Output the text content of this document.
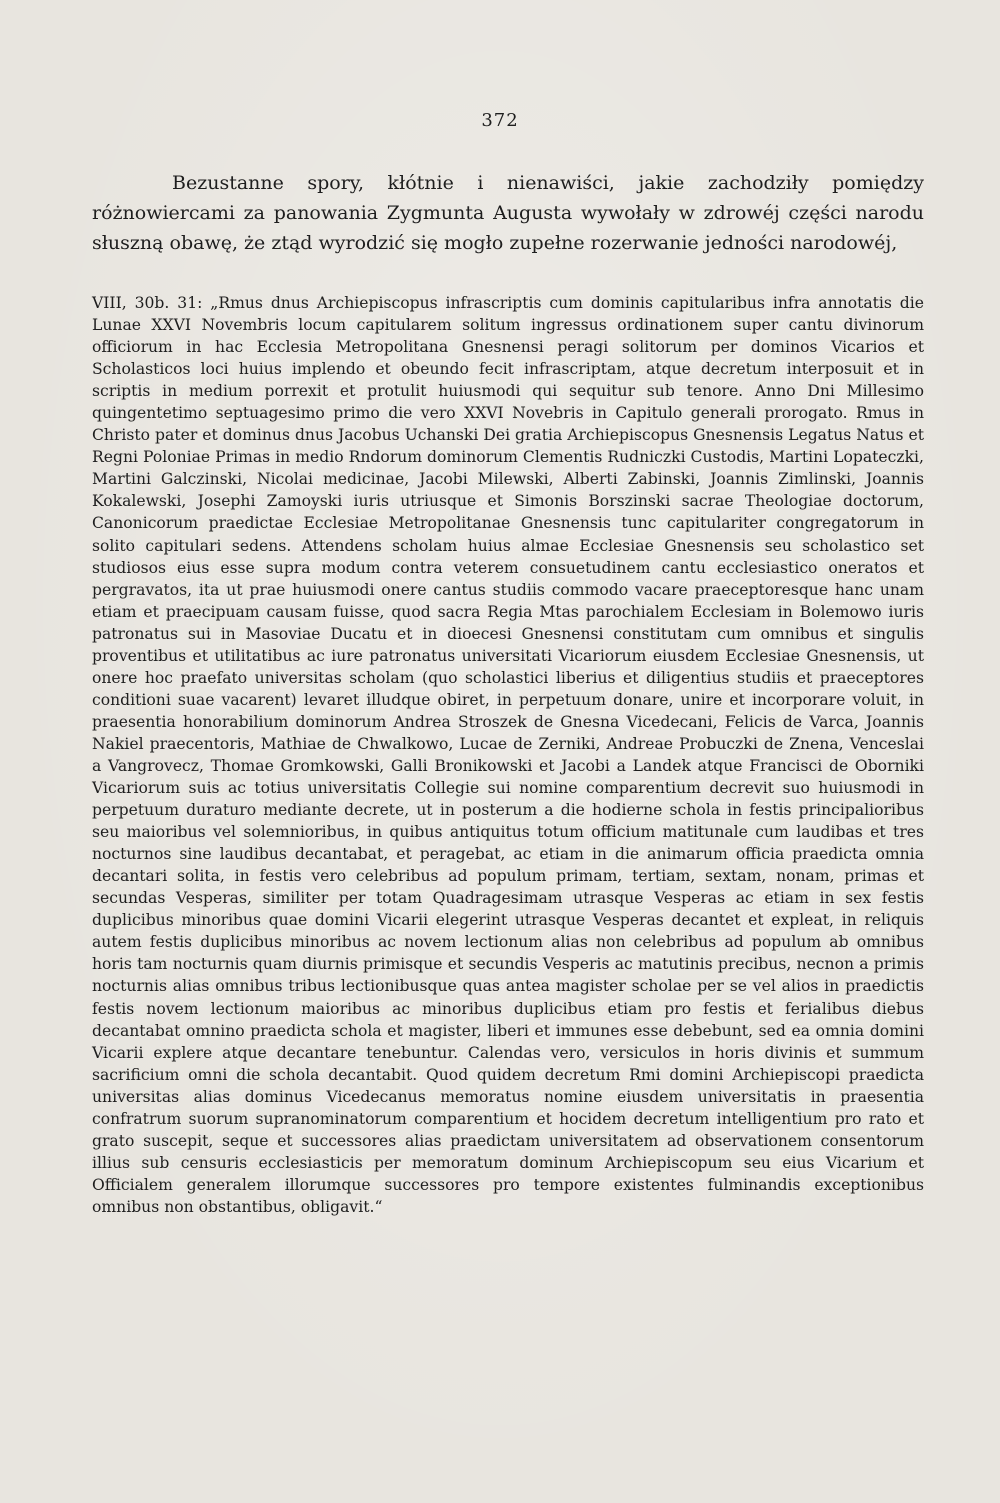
372

Bezustanne spory, kłótnie i nienawiści, jakie zachodziły pomiędzy różnowiercami za panowania Zygmunta Augusta wywołały w zdrowéj części narodu słuszną obawę, że ztąd wyrodzić się mogło zupełne rozerwanie jedności narodowéj,

VIII, 30b. 31: „Rmus dnus Archiepiscopus infrascriptis cum dominis capitularibus infra annotatis die Lunae XXVI Novembris locum capitularem solitum ingressus ordinationem super cantu divinorum officiorum in hac Ecclesia Metropolitana Gnesnensi peragi solitorum per dominos Vicarios et Scholasticos loci huius implendo et obeundo fecit infrascriptam, atque decretum interposuit et in scriptis in medium porrexit et protulit huiusmodi qui sequitur sub tenore. Anno Dni Millesimo quingentetimo septuagesimo primo die vero XXVI Novebris in Capitulo generali prorogato. Rmus in Christo pater et dominus dnus Jacobus Uchanski Dei gratia Archiepiscopus Gnesnensis Legatus Natus et Regni Poloniae Primas in medio Rndorum dominorum Clementis Rudniczki Custodis, Martini Lopateczki, Martini Galczinski, Nicolai medicinae, Jacobi Milewski, Alberti Zabinski, Joannis Zimlinski, Joannis Kokalewski, Josephi Zamoyski iuris utriusque et Simonis Borszinski sacrae Theologiae doctorum, Canonicorum praedictae Ecclesiae Metropolitanae Gnesnensis tunc capitulariter congregatorum in solito capitulari sedens. Attendens scholam huius almae Ecclesiae Gnesnensis seu scholastico set studiosos eius esse supra modum contra veterem consuetudinem cantu ecclesiastico oneratos et pergravatos, ita ut prae huiusmodi onere cantus studiis commodo vacare praeceptoresque hanc unam etiam et praecipuam causam fuisse, quod sacra Regia Mtas parochialem Ecclesiam in Bolemowo iuris patronatus sui in Masoviae Ducatu et in dioecesi Gnesnensi constitutam cum omnibus et singulis proventibus et utilitatibus ac iure patronatus universitati Vicariorum eiusdem Ecclesiae Gnesnensis, ut onere hoc praefato universitas scholam (quo scholastici liberius et diligentius studiis et praeceptores conditioni suae vacarent) levaret illudque obiret, in perpetuum donare, unire et incorporare voluit, in praesentia honorabilium dominorum Andrea Stroszek de Gnesna Vicedecani, Felicis de Varca, Joannis Nakiel praecentoris, Mathiae de Chwalkowo, Lucae de Zerniki, Andreae Probuczki de Znena, Venceslai a Vangrovecz, Thomae Gromkowski, Galli Bronikowski et Jacobi a Landek atque Francisci de Oborniki Vicariorum suis ac totius universitatis Collegie sui nomine comparentium decrevit suo huiusmodi in perpetuum duraturo mediante decrete, ut in posterum a die hodierne schola in festis principalioribus seu maioribus vel solemnioribus, in quibus antiquitus totum officium matitunale cum laudibas et tres nocturnos sine laudibus decantabat, et peragebat, ac etiam in die animarum officia praedicta omnia decantari solita, in festis vero celebribus ad populum primam, tertiam, sextam, nonam, primas et secundas Vesperas, similiter per totam Quadragesimam utrasque Vesperas ac etiam in sex festis duplicibus minoribus quae domini Vicarii elegerint utrasque Vesperas decantet et expleat, in reliquis autem festis duplicibus minoribus ac novem lectionum alias non celebribus ad populum ab omnibus horis tam nocturnis quam diurnis primisque et secundis Vesperis ac matutinis precibus, necnon a primis nocturnis alias omnibus tribus lectionibusque quas antea magister scholae per se vel alios in praedictis festis novem lectionum maioribus ac minoribus duplicibus etiam pro festis et ferialibus diebus decantabat omnino praedicta schola et magister, liberi et immunes esse debebunt, sed ea omnia domini Vicarii explere atque decantare tenebuntur. Calendas vero, versiculos in horis divinis et summum sacrificium omni die schola decantabit. Quod quidem decretum Rmi domini Archiepiscopi praedicta universitas alias dominus Vicedecanus memoratus nomine eiusdem universitatis in praesentia confratrum suorum supranominatorum comparentium et hocidem decretum intelligentium pro rato et grato suscepit, seque et successores alias praedictam universitatem ad observationem consentorum illius sub censuris ecclesiasticis per memoratum dominum Archiepiscopum seu eius Vicarium et Officialem generalem illorumque successores pro tempore existentes fulminandis exceptionibus omnibus non obstantibus, obligavit.“
